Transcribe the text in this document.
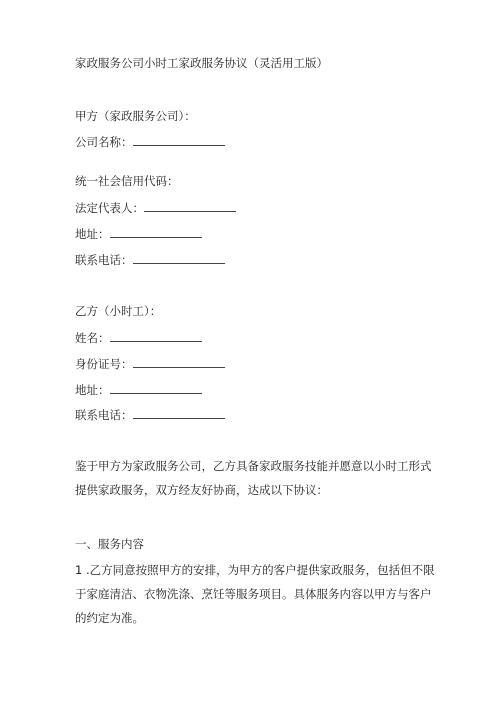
家政服务公司小时工家政服务协议（灵活用工版）
甲方（家政服务公司）：
公司名称：
统一社会信用代码：
法定代表人：
地址：
联系电话：
乙方（小时工）：
姓名：
身份证号：
地址：
联系电话：
鉴于甲方为家政服务公司，乙方具备家政服务技能并愿意以小时工形式
提供家政服务，双方经友好协商，达成以下协议：
一、服务内容
1 .乙方同意按照甲方的安排，为甲方的客户提供家政服务，包括但不限
于家庭清洁、衣物洗涤、烹饪等服务项目。具体服务内容以甲方与客户
的约定为准。
